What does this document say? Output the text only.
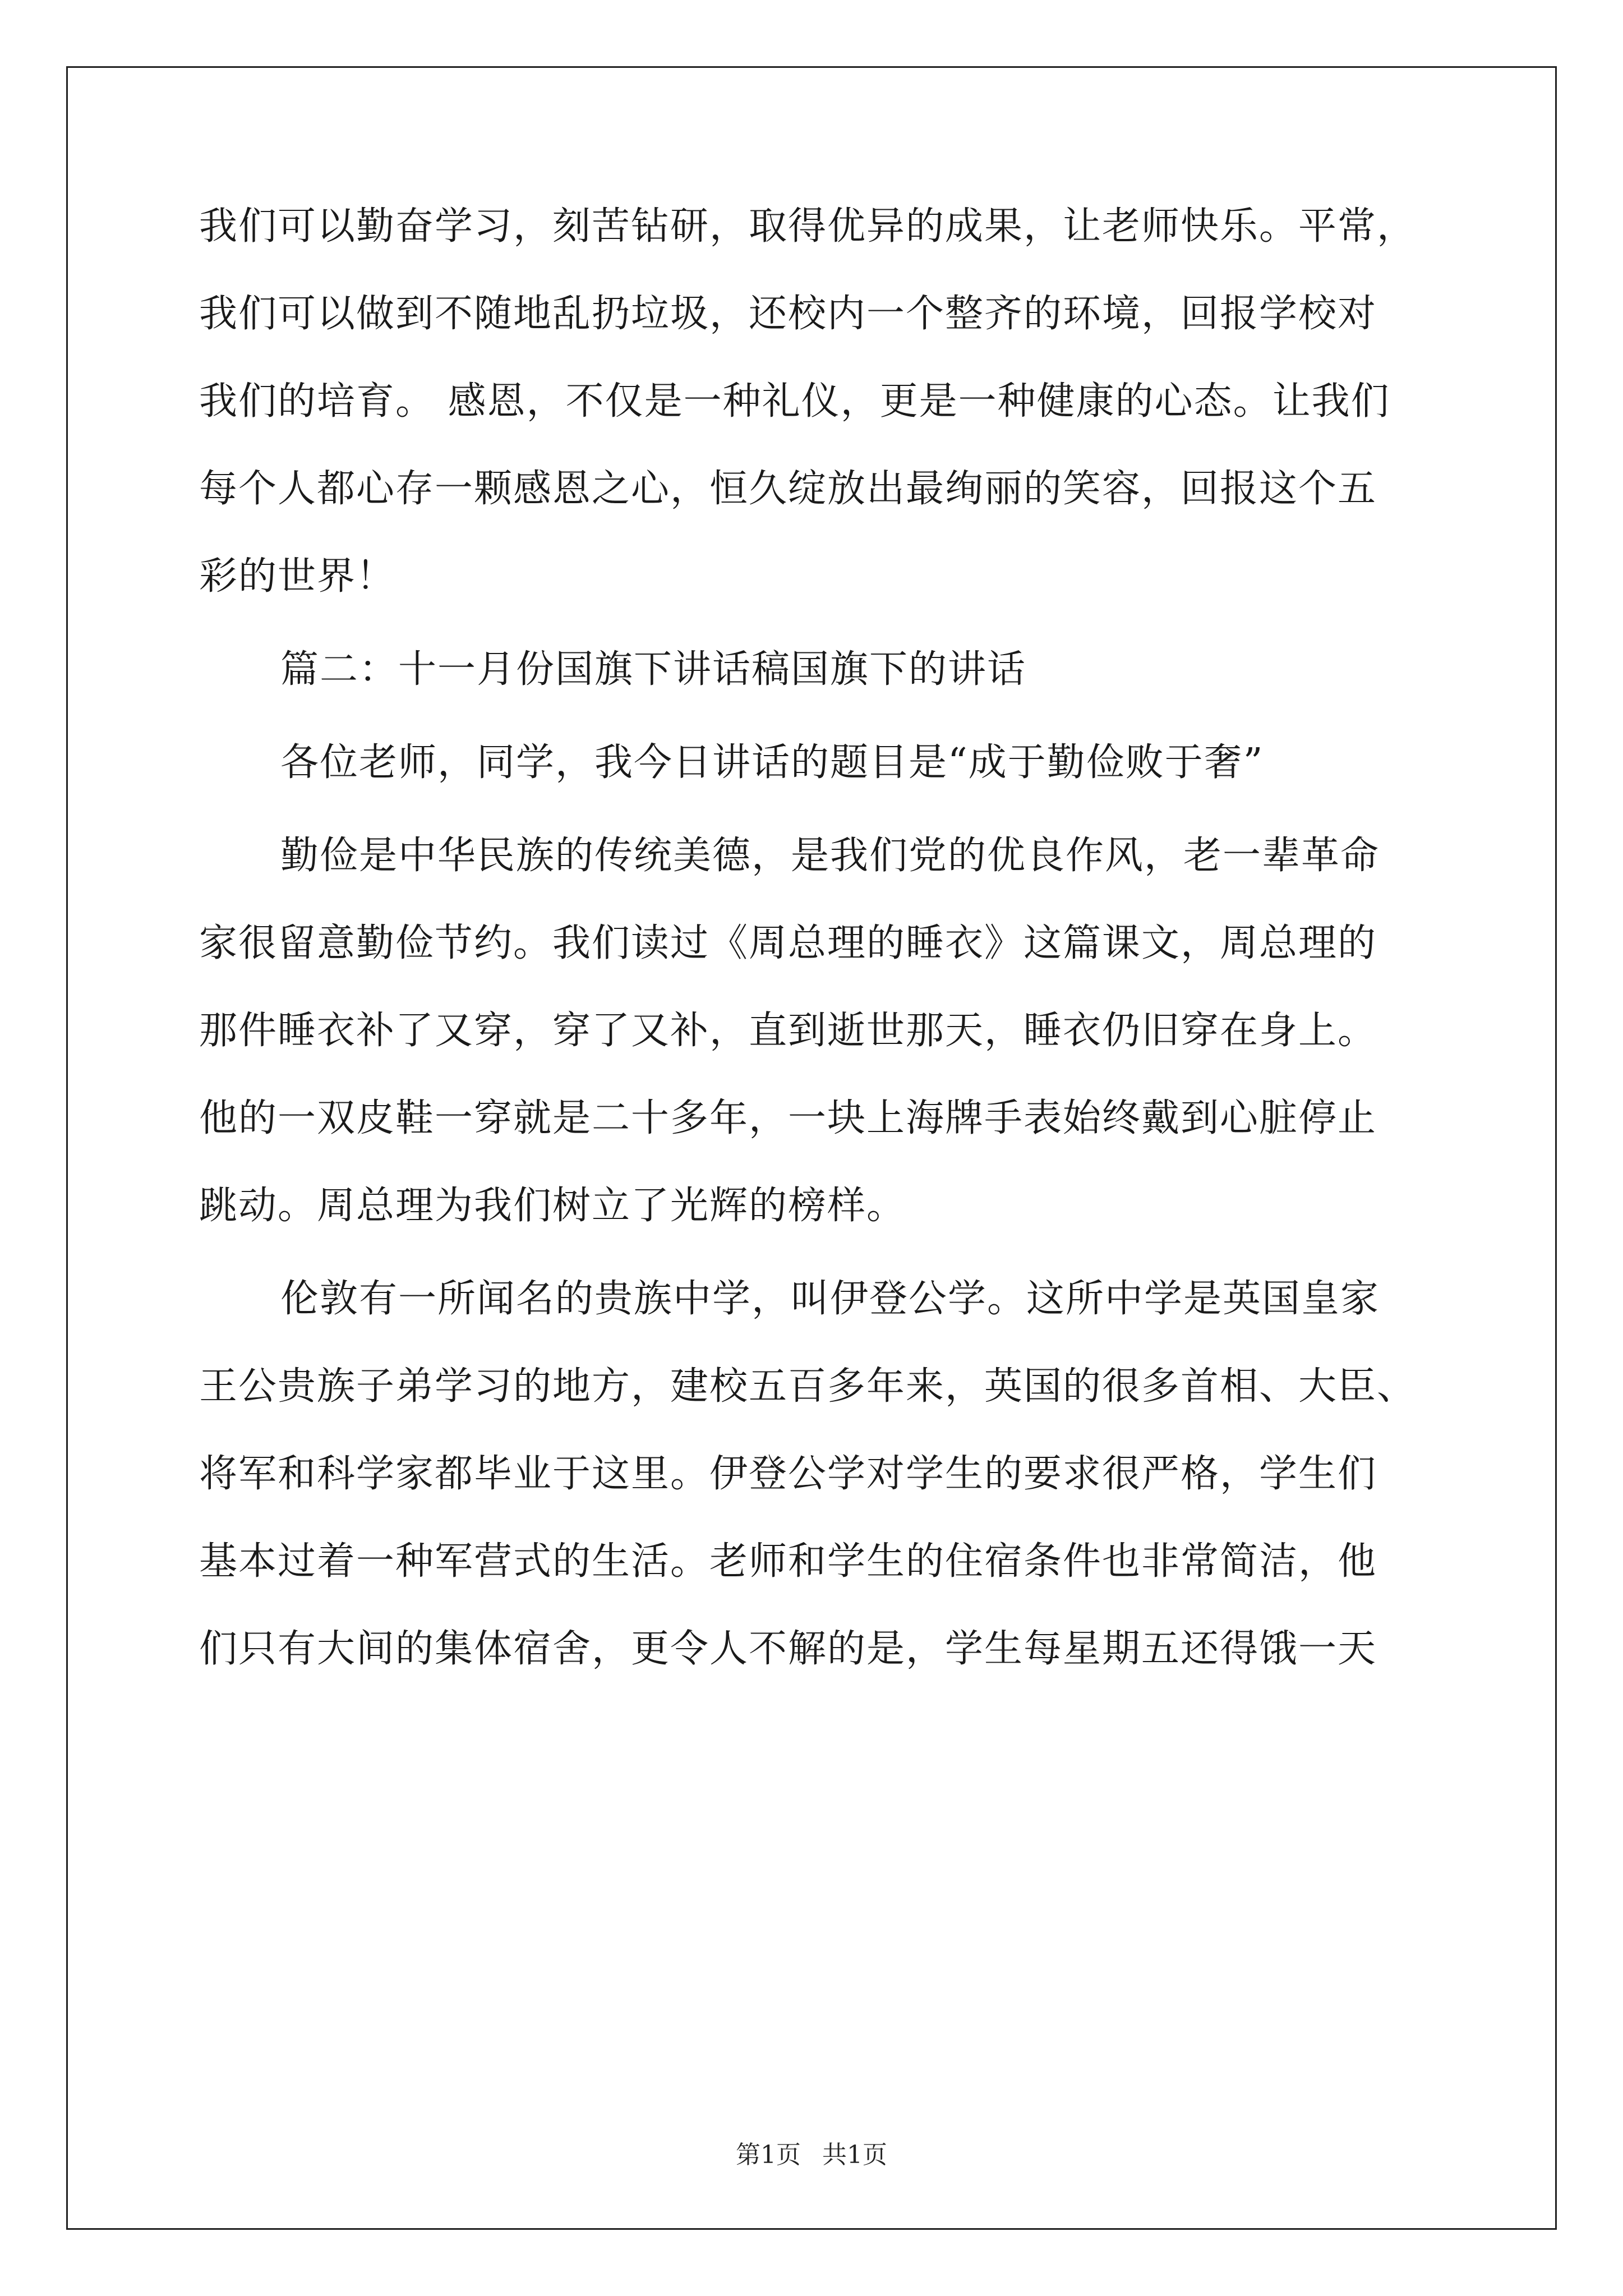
我们可以勤奋学习，刻苦钻研，取得优异的成果，让老师快乐。平常，
我们可以做到不随地乱扔垃圾，还校内一个整齐的环境，回报学校对
我们的培育。 感恩，不仅是一种礼仪，更是一种健康的心态。让我们
每个人都心存一颗感恩之心，恒久绽放出最绚丽的笑容，回报这个五
彩的世界！
篇二：十一月份国旗下讲话稿国旗下的讲话
各位老师，同学，我今日讲话的题目是“成于勤俭败于奢”
勤俭是中华民族的传统美德，是我们党的优良作风，老一辈革命
家很留意勤俭节约。我们读过《周总理的睡衣》这篇课文，周总理的
那件睡衣补了又穿，穿了又补，直到逝世那天，睡衣仍旧穿在身上。
他的一双皮鞋一穿就是二十多年，一块上海牌手表始终戴到心脏停止
跳动。周总理为我们树立了光辉的榜样。
伦敦有一所闻名的贵族中学，叫伊登公学。这所中学是英国皇家
王公贵族子弟学习的地方，建校五百多年来，英国的很多首相、大臣、
将军和科学家都毕业于这里。伊登公学对学生的要求很严格，学生们
基本过着一种军营式的生活。老师和学生的住宿条件也非常简洁，他
们只有大间的集体宿舍，更令人不解的是，学生每星期五还得饿一天
第1页 共1页
